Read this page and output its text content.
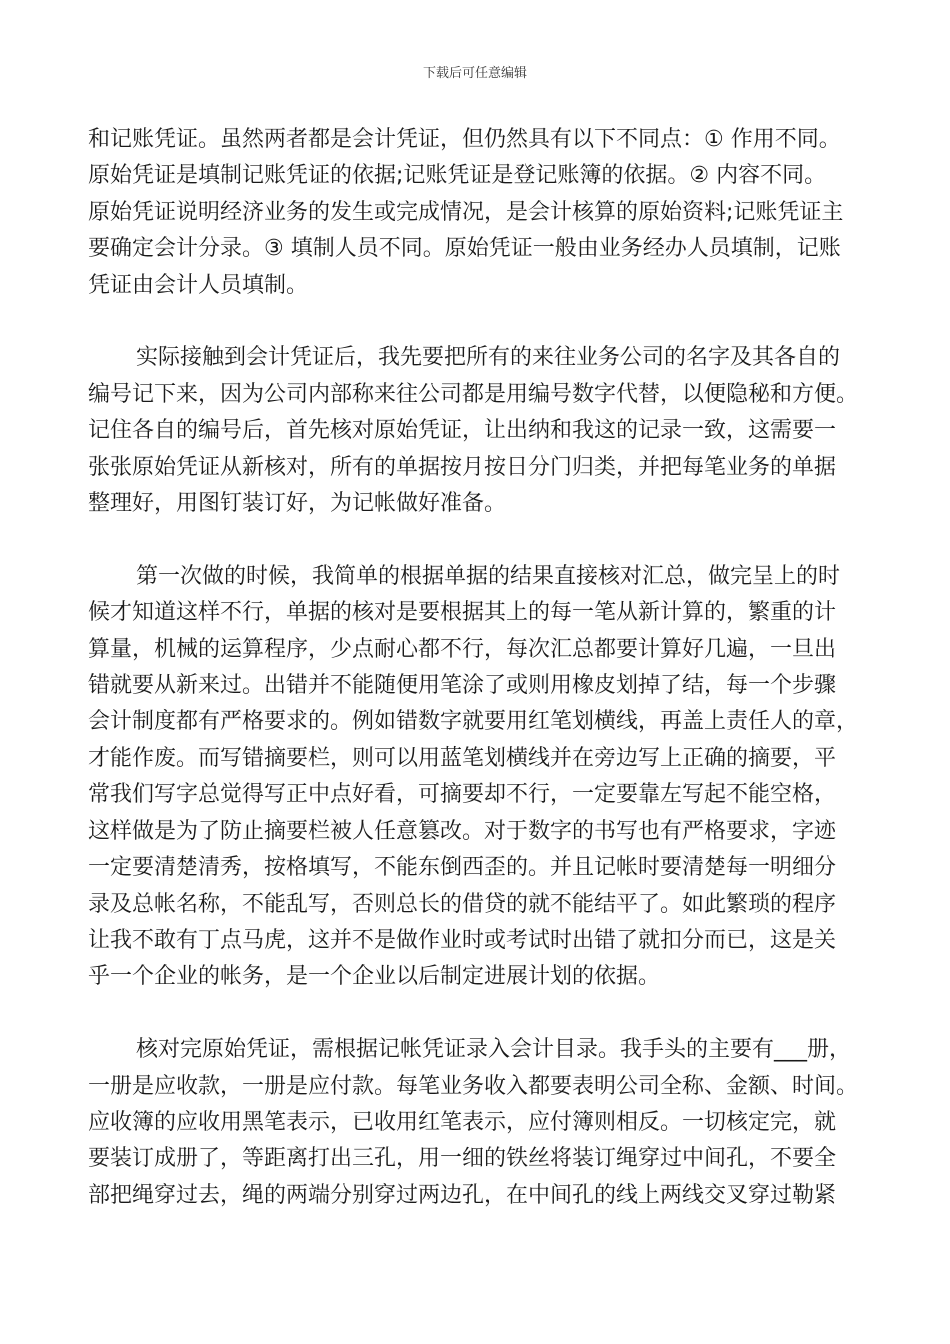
下载后可任意编辑

和记账凭证。虽然两者都是会计凭证，但仍然具有以下不同点：① 作用不同。
原始凭证是填制记账凭证的依据;记账凭证是登记账簿的依据。② 内容不同。
原始凭证说明经济业务的发生或完成情况，是会计核算的原始资料;记账凭证主
要确定会计分录。③ 填制人员不同。原始凭证一般由业务经办人员填制，记账
凭证由会计人员填制。

实际接触到会计凭证后，我先要把所有的来往业务公司的名字及其各自的
编号记下来，因为公司内部称来往公司都是用编号数字代替，以便隐秘和方便。
记住各自的编号后，首先核对原始凭证，让出纳和我这的记录一致，这需要一
张张原始凭证从新核对，所有的单据按月按日分门归类，并把每笔业务的单据
整理好，用图钉装订好，为记帐做好准备。

第一次做的时候，我简单的根据单据的结果直接核对汇总，做完呈上的时
候才知道这样不行，单据的核对是要根据其上的每一笔从新计算的，繁重的计
算量，机械的运算程序，少点耐心都不行，每次汇总都要计算好几遍，一旦出
错就要从新来过。出错并不能随便用笔涂了或则用橡皮划掉了结，每一个步骤
会计制度都有严格要求的。例如错数字就要用红笔划横线，再盖上责任人的章，
才能作废。而写错摘要栏，则可以用蓝笔划横线并在旁边写上正确的摘要，平
常我们写字总觉得写正中点好看，可摘要却不行，一定要靠左写起不能空格，
这样做是为了防止摘要栏被人任意篡改。对于数字的书写也有严格要求，字迹
一定要清楚清秀，按格填写，不能东倒西歪的。并且记帐时要清楚每一明细分
录及总帐名称，不能乱写，否则总长的借贷的就不能结平了。如此繁琐的程序
让我不敢有丁点马虎，这并不是做作业时或考试时出错了就扣分而已，这是关
乎一个企业的帐务，是一个企业以后制定进展计划的依据。

核对完原始凭证，需根据记帐凭证录入会计目录。我手头的主要有___册，
一册是应收款，一册是应付款。每笔业务收入都要表明公司全称、金额、时间。
应收簿的应收用黑笔表示，已收用红笔表示，应付簿则相反。一切核定完，就
要装订成册了，等距离打出三孔，用一细的铁丝将装订绳穿过中间孔，不要全
部把绳穿过去，绳的两端分别穿过两边孔，在中间孔的线上两线交叉穿过勒紧
